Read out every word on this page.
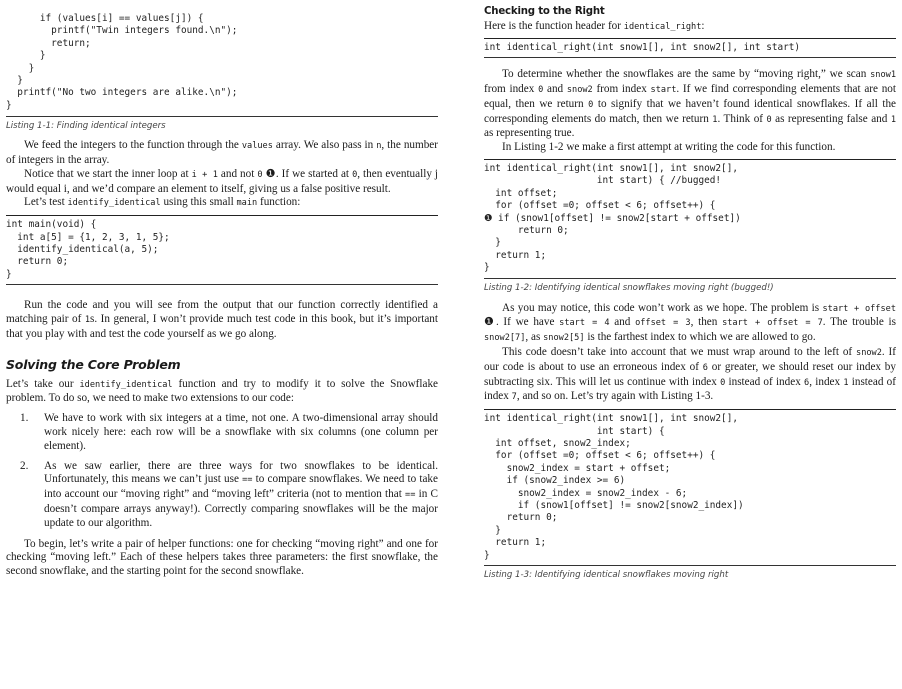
if (values[i] == values[j]) {
printf("Twin integers found.\n");
return;
}
}
}
printf("No two integers are alike.\n");
}

Listing 1-1: Finding identical integers

We feed the integers to the function through the values array. We also pass in n, the number of integers in the array.

Notice that we start the inner loop at i + 1 and not 0 ❶. If we started at 0, then eventually j would equal i, and we’d compare an element to itself, giving us a false positive result.

Let’s test identify_identical using this small main function:

int main(void) {
int a[5] = {1, 2, 3, 1, 5};
identify_identical(a, 5);
return 0;
}

Run the code and you will see from the output that our function correctly identified a matching pair of 1s. In general, I won’t provide much test code in this book, but it’s important that you play with and test the code yourself as we go along.

Solving the Core Problem

Let’s take our identify_identical function and try to modify it to solve the Snowflake problem. To do so, we need to make two extensions to our code:

1. We have to work with six integers at a time, not one. A two-dimensional array should work nicely here: each row will be a snowflake with six columns (one column per element).
2. As we saw earlier, there are three ways for two snowflakes to be identical. Unfortunately, this means we can’t just use == to compare snowflakes. We need to take into account our “moving right” and “moving left” criteria (not to mention that == in C doesn’t compare arrays anyway!). Correctly comparing snowflakes will be the major update to our algorithm.

To begin, let’s write a pair of helper functions: one for checking “moving right” and one for checking “moving left.” Each of these helpers takes three parameters: the first snowflake, the second snowflake, and the starting point for the second snowflake.

Checking to the Right

Here is the function header for identical_right:

int identical_right(int snow1[], int snow2[], int start)

To determine whether the snowflakes are the same by “moving right,” we scan snow1 from index 0 and snow2 from index start. If we find corresponding elements that are not equal, then we return 0 to signify that we haven’t found identical snowflakes. If all the corresponding elements do match, then we return 1. Think of 0 as representing false and 1 as representing true.

In Listing 1-2 we make a first attempt at writing the code for this function.

int identical_right(int snow1[], int snow2[],
int start) { //bugged!
int offset;
for (offset =0; offset < 6; offset++) {
❶ if (snow1[offset] != snow2[start + offset])
return 0;
}
return 1;
}

Listing 1-2: Identifying identical snowflakes moving right (bugged!)

As you may notice, this code won’t work as we hope. The problem is start + offset ❶. If we have start = 4 and offset = 3, then start + offset = 7. The trouble is snow2[7], as snow2[5] is the farthest index to which we are allowed to go.

This code doesn’t take into account that we must wrap around to the left of snow2. If our code is about to use an erroneous index of 6 or greater, we should reset our index by subtracting six. This will let us continue with index 0 instead of index 6, index 1 instead of index 7, and so on. Let’s try again with Listing 1-3.

int identical_right(int snow1[], int snow2[],
int start) {
int offset, snow2_index;
for (offset =0; offset < 6; offset++) {
snow2_index = start + offset;
if (snow2_index >= 6)
snow2_index = snow2_index - 6;
if (snow1[offset] != snow2[snow2_index])
return 0;
}
return 1;
}

Listing 1-3: Identifying identical snowflakes moving right
